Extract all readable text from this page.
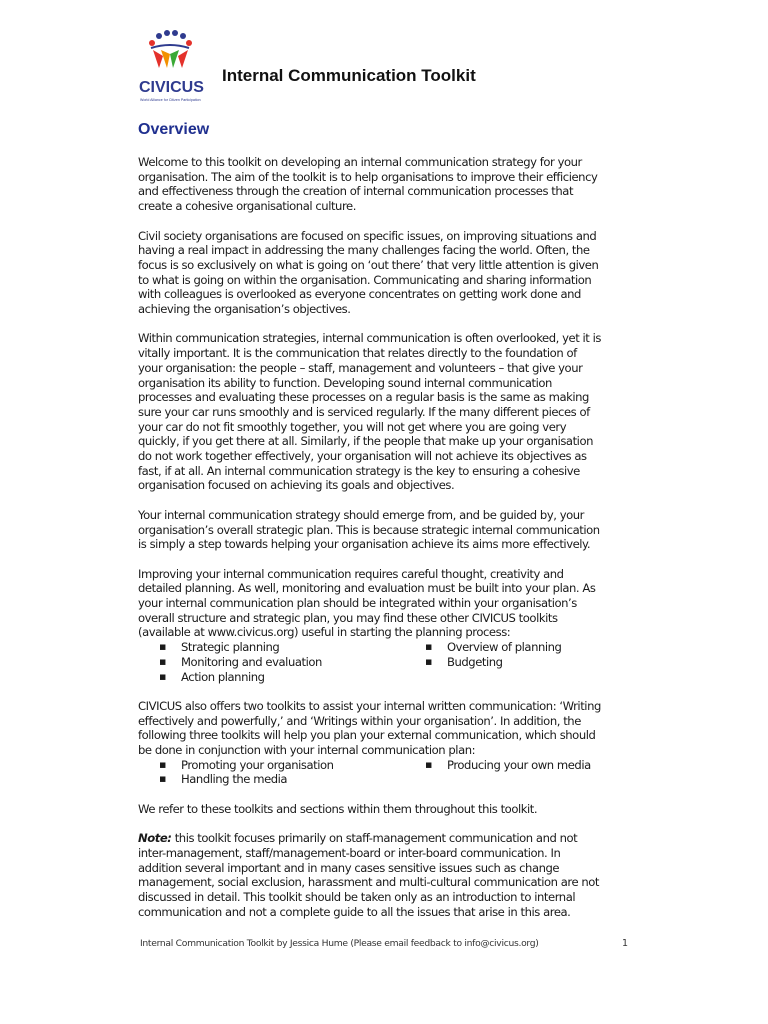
CIVICUS
World Alliance for Citizen Participation
Internal Communication Toolkit
Overview

Welcome to this toolkit on developing an internal communication strategy for your
organisation. The aim of the toolkit is to help organisations to improve their efficiency
and effectiveness through the creation of internal communication processes that
create a cohesive organisational culture.

Civil society organisations are focused on specific issues, on improving situations and
having a real impact in addressing the many challenges facing the world. Often, the
focus is so exclusively on what is going on ‘out there’ that very little attention is given
to what is going on within the organisation. Communicating and sharing information
with colleagues is overlooked as everyone concentrates on getting work done and
achieving the organisation’s objectives.

Within communication strategies, internal communication is often overlooked, yet it is
vitally important. It is the communication that relates directly to the foundation of
your organisation: the people – staff, management and volunteers – that give your
organisation its ability to function. Developing sound internal communication
processes and evaluating these processes on a regular basis is the same as making
sure your car runs smoothly and is serviced regularly. If the many different pieces of
your car do not fit smoothly together, you will not get where you are going very
quickly, if you get there at all. Similarly, if the people that make up your organisation
do not work together effectively, your organisation will not achieve its objectives as
fast, if at all. An internal communication strategy is the key to ensuring a cohesive
organisation focused on achieving its goals and objectives.

Your internal communication strategy should emerge from, and be guided by, your
organisation’s overall strategic plan. This is because strategic internal communication
is simply a step towards helping your organisation achieve its aims more effectively.

Improving your internal communication requires careful thought, creativity and
detailed planning. As well, monitoring and evaluation must be built into your plan. As
your internal communication plan should be integrated within your organisation’s
overall structure and strategic plan, you may find these other CIVICUS toolkits
(available at www.civicus.org) useful in starting the planning process:

▪ Strategic planning
▪ Monitoring and evaluation
▪ Action planning
▪ Overview of planning
▪ Budgeting

CIVICUS also offers two toolkits to assist your internal written communication: ‘Writing
effectively and powerfully,’ and ‘Writings within your organisation’. In addition, the
following three toolkits will help you plan your external communication, which should
be done in conjunction with your internal communication plan:

▪ Promoting your organisation
▪ Handling the media
▪ Producing your own media

We refer to these toolkits and sections within them throughout this toolkit.

Note: this toolkit focuses primarily on staff-management communication and not
inter-management, staff/management-board or inter-board communication. In
addition several important and in many cases sensitive issues such as change
management, social exclusion, harassment and multi-cultural communication are not
discussed in detail. This toolkit should be taken only as an introduction to internal
communication and not a complete guide to all the issues that arise in this area.

Internal Communication Toolkit by Jessica Hume (Please email feedback to info@civicus.org)	1
